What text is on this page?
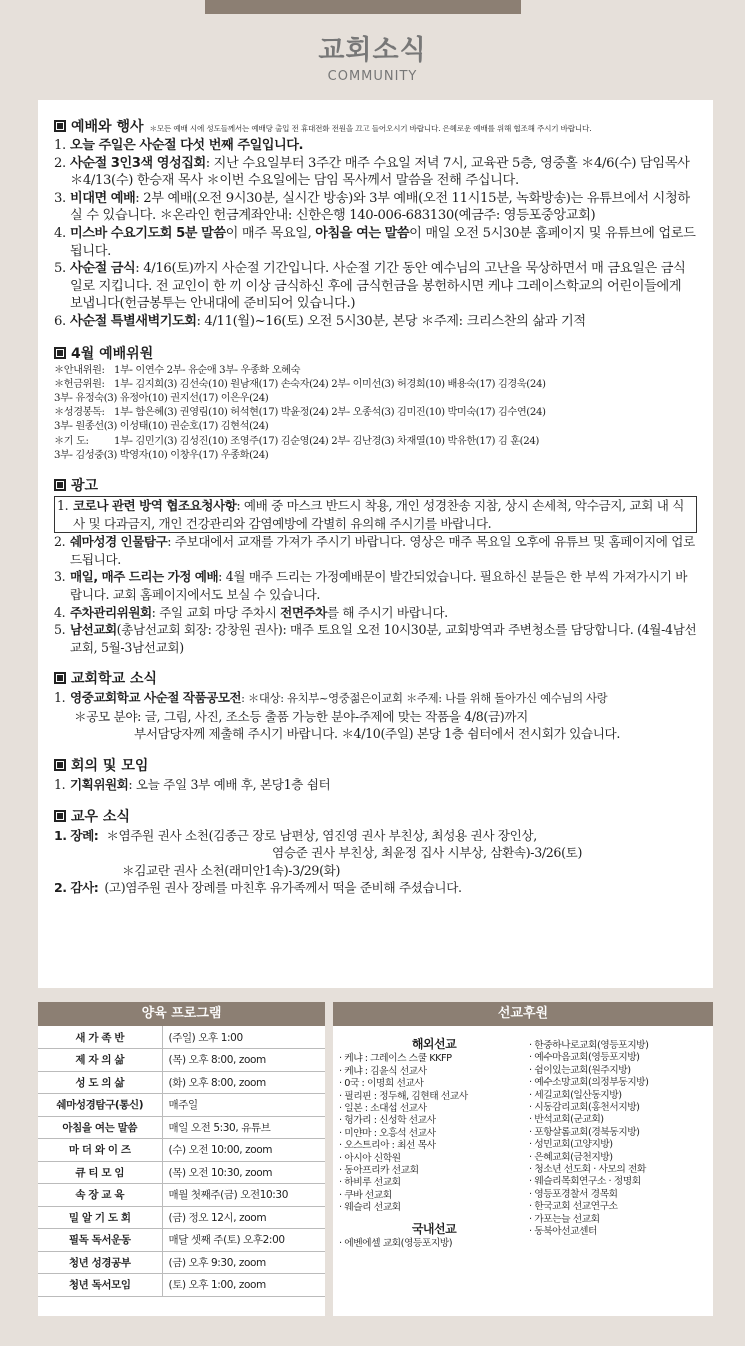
교회소식
COMMUNITY
예배와 행사 ＊모든 예배 시에 성도들께서는 예배당 출입 전 휴대전화 전원을 끄고 들어오시기 바랍니다. 은혜로운 예배를 위해 협조해 주시기 바랍니다.
1. 오늘 주일은 사순절 다섯 번째 주일입니다.
2. 사순절 3인3색 영성집회: 지난 수요일부터 3주간 매주 수요일 저녁 7시, 교육관 5층, 영중홀 ＊4/6(수) 담임목사 ＊4/13(수) 한승재 목사 ＊이번 수요일에는 담임 목사께서 말씀을 전해 주십니다.
3. 비대면 예배: 2부 예배(오전 9시30분, 실시간 방송)와 3부 예배(오전 11시15분, 녹화방송)는 유튜브에서 시청하실 수 있습니다. ＊온라인 헌금계좌안내: 신한은행 140-006-683130(예금주: 영등포중앙교회)
4. 미스바 수요기도회 5분 말씀이 매주 목요일, 아침을 여는 말씀이 매일 오전 5시30분 홈페이지 및 유튜브에 업로드됩니다.
5. 사순절 금식: 4/16(토)까지 사순절 기간입니다. 사순절 기간 동안 예수님의 고난을 묵상하면서 매 금요일은 금식일로 지킵니다. 전 교인이 한 끼 이상 금식하신 후에 금식헌금을 봉헌하시면 케냐 그레이스학교의 어린이들에게 보냅니다(헌금봉투는 안내대에 준비되어 있습니다.)
6. 사순절 특별새벽기도회: 4/11(월)~16(토) 오전 5시30분, 본당 ＊주제: 크리스찬의 삶과 기적
4월 예배위원
＊안내위원: 1부- 이연수 2부- 유순애 3부- 우종화 오혜숙
＊헌금위원: 1부- 김지희(3) 김선숙(10) 원남재(17) 손숙자(24) 2부- 이미선(3) 허경희(10) 배용숙(17) 김경욱(24)
3부- 유정숙(3) 유정아(10) 권지선(17) 이은우(24)
＊성경봉독: 1부- 함은혜(3) 권영림(10) 허석현(17) 박윤정(24) 2부- 오종석(3) 김미진(10) 박미숙(17) 김수연(24)
3부- 원종선(3) 이성태(10) 권순호(17) 김현석(24)
＊기 도: 1부- 김민기(3) 김성진(10) 조영주(17) 김순영(24) 2부- 김난경(3) 차재열(10) 박유한(17) 김 훈(24)
3부- 김성중(3) 박영자(10) 이창우(17) 우종화(24)
광고
1. 코로나 관련 방역 협조요청사항: 예배 중 마스크 반드시 착용, 개인 성경찬송 지참, 상시 손세척, 악수금지, 교회 내 식사 및 다과금지, 개인 건강관리와 감염예방에 각별히 유의해 주시기를 바랍니다.
2. 쉐마성경 인물탐구: 주보대에서 교재를 가져가 주시기 바랍니다. 영상은 매주 목요일 오후에 유튜브 및 홈페이지에 업로드됩니다.
3. 매일, 매주 드리는 가정 예배: 4월 매주 드리는 가정예배문이 발간되었습니다. 필요하신 분들은 한 부씩 가져가시기 바랍니다. 교회 홈페이지에서도 보실 수 있습니다.
4. 주차관리위원회: 주일 교회 마당 주차시 전면주차를 해 주시기 바랍니다.
5. 남선교회(총남선교회 회장: 강창원 권사): 매주 토요일 오전 10시30분, 교회방역과 주변청소를 담당합니다. (4월-4남선교회, 5월-3남선교회)
교회학교 소식
1. 영중교회학교 사순절 작품공모전: ＊대상: 유치부~영중젊은이교회 ＊주제: 나를 위해 돌아가신 예수님의 사랑
＊공모 분야: 글, 그림, 사진, 조소등 출품 가능한 분야-주제에 맞는 작품을 4/8(금)까지
부서담당자께 제출해 주시기 바랍니다. ＊4/10(주일) 본당 1층 쉼터에서 전시회가 있습니다.
회의 및 모임
1. 기획위원회: 오늘 주일 3부 예배 후, 본당1층 쉼터
교우 소식
1. 장례: ＊염주원 권사 소천(김종근 장로 남편상, 염진영 권사 부친상, 최성용 권사 장인상,
염승준 권사 부친상, 최윤정 집사 시부상, 삼환속)-3/26(토)
＊김교란 권사 소천(래미안1속)-3/29(화)
2. 감사: (고)염주원 권사 장례를 마친후 유가족께서 떡을 준비해 주셨습니다.
양육 프로그램
새 가 족 반	(주일) 오후 1:00
제 자 의 삶	(목) 오후 8:00, zoom
성 도 의 삶	(화) 오후 8:00, zoom
쉐마성경탐구(통신)	매주일
아침을 여는 말씀	매일 오전 5:30, 유튜브
마 더 와 이 즈	(수) 오전 10:00, zoom
큐 티 모 임	(목) 오전 10:30, zoom
속 장 교 육	매월 첫째주(금) 오전10:30
밀 알 기 도 회	(금) 정오 12시, zoom
필독 독서운동	매달 셋째 주(토) 오후2:00
청년 성경공부	(금) 오후 9:30, zoom
청년 독서모임	(토) 오후 1:00, zoom
선교후원
해외선교
· 케냐 : 그레이스 스쿨 KKFP
· 케냐 : 김윤식 선교사
· 0국 : 이명희 선교사
· 필리핀 : 정두해, 김현태 선교사
· 일본 : 소대섭 선교사
· 헝가리 : 신성학 선교사
· 미얀마 : 오흥석 선교사
· 오스트리아 : 최선 목사
· 아시아 신학원
· 동아프리카 선교회
· 하비루 선교회
· 쿠바 선교회
· 웨슬리 선교회
국내선교
· 에벤에셀 교회(영등포지방)
· 한중하나로교회(영등포지방)
· 예수마음교회(영등포지방)
· 쉼이있는교회(원주지방)
· 예수소망교회(의정부동지방)
· 세길교회(일산동지방)
· 시동감리교회(홍천서지방)
· 반석교회(군교회)
· 포항살롬교회(경북동지방)
· 성민교회(고양지방)
· 은혜교회(금천지방)
· 청소년 선도회 · 사모의 전화
· 웨슬리목회연구소 · 정명회
· 영등포경찰서 경목회
· 한국교회 선교연구소
· 가포는늘 선교회
· 동북아선교센터
